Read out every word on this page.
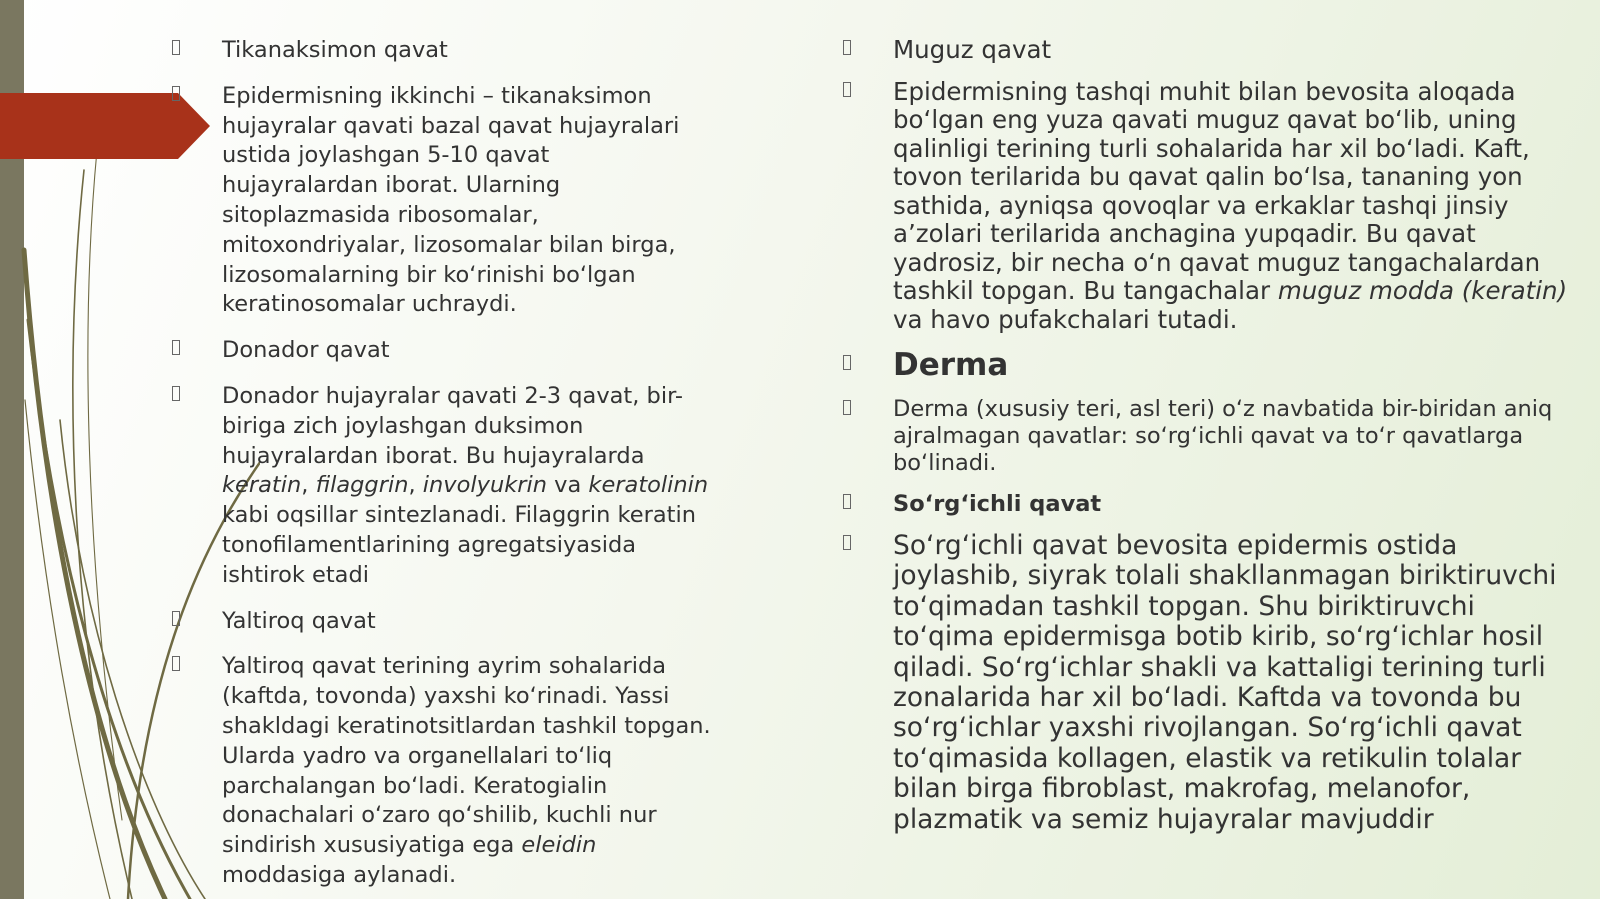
Tikanaksimon qavat
Epidermisning ikkinchi – tikanaksimon hujayralar qavati bazal qavat hujayralari ustida joylashgan 5-10 qavat hujayralardan iborat. Ularning sitoplazmasida ribosomalar, mitoxondriyalar, lizosomalar bilan birga, lizosomalarning bir ko‘rinishi bo‘lgan keratinosomalar uchraydi.
Donador qavat
Donador hujayralar qavati 2-3 qavat, bir-biriga zich joylashgan duksimon hujayralardan iborat. Bu hujayralarda keratin, filaggrin, involyukrin va keratolinin kabi oqsillar sintezlanadi. Filaggrin keratin tonofilamentlarining agregatsiyasida ishtirok etadi
Yaltiroq qavat
Yaltiroq qavat terining ayrim sohalarida (kaftda, tovonda) yaxshi ko‘rinadi. Yassi shakldagi keratinotsitlardan tashkil topgan. Ularda yadro va organellalari to‘liq parchalangan bo‘ladi. Keratogialin donachalari o‘zaro qo‘shilib, kuchli nur sindirish xususiyatiga ega eleidin moddasiga aylanadi.
Muguz qavat
Epidermisning tashqi muhit bilan bevosita aloqada bo‘lgan eng yuza qavati muguz qavat bo‘lib, uning qalinligi terining turli sohalarida har xil bo‘ladi. Kaft, tovon terilarida bu qavat qalin bo‘lsa, tananing yon sathida, ayniqsa qovoqlar va erkaklar tashqi jinsiy a’zolari terilarida anchagina yupqadir. Bu qavat yadrosiz, bir necha o‘n qavat muguz tangachalardan tashkil topgan. Bu tangachalar muguz modda (keratin) va havo pufakchalari tutadi.
Derma
Derma (xususiy teri, asl teri) o‘z navbatida bir-biridan aniq ajralmagan qavatlar: so‘rg‘ichli qavat va to‘r qavatlarga bo‘linadi.
So‘rg‘ichli qavat
So‘rg‘ichli qavat bevosita epidermis ostida joylashib, siyrak tolali shakllanmagan biriktiruvchi to‘qimadan tashkil topgan. Shu biriktiruvchi to‘qima epidermisga botib kirib, so‘rg‘ichlar hosil qiladi. So‘rg‘ichlar shakli va kattaligi terining turli zonalarida har xil bo‘ladi. Kaftda va tovonda bu so‘rg‘ichlar yaxshi rivojlangan. So‘rg‘ichli qavat to‘qimasida kollagen, elastik va retikulin tolalar bilan birga fibroblast, makrofag, melanofor, plazmatik va semiz hujayralar mavjuddir
